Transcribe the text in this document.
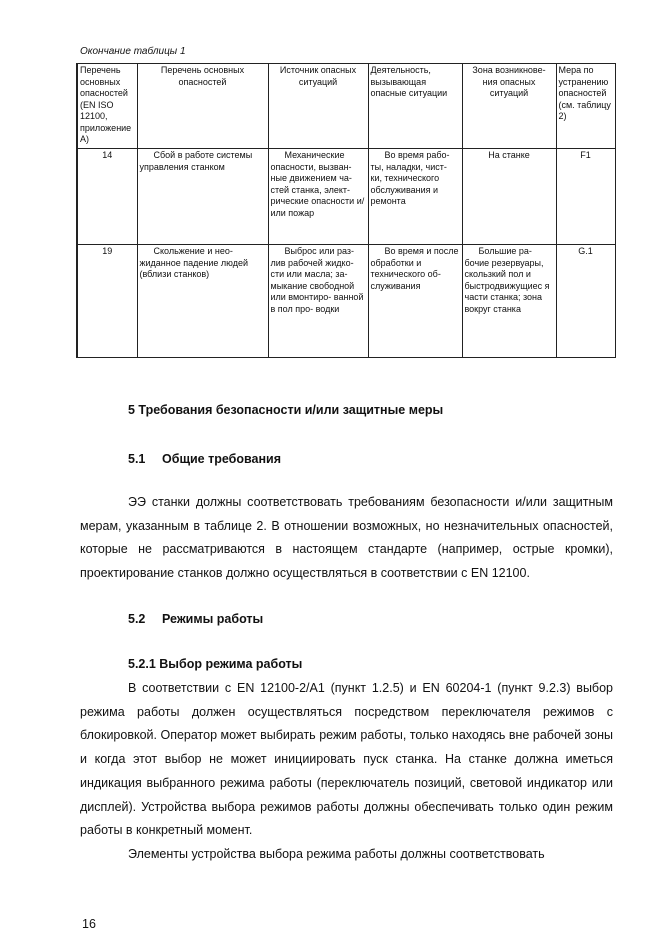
Окончание таблицы 1
Перечень основных опасностей (EN ISO 12100, приложение А)	Перечень основных опасностей	Источник опасных ситуаций	Деятельность, вызывающая опасные ситуации	Зона возникнове- ния опасных ситуаций	Мера по устранению опасностей (см. таблицу 2)
14	Сбой в работе системы управления станком	Механические опасности, вызван- ные движением ча- стей станка, элект- рические опасности и/или пожар	Во время рабо- ты, наладки, чист- ки, технического обслуживания и ремонта	На станке	F1
19	Скольжение и нео- жиданное падение людей (вблизи станков)	Выброс или раз- лив рабочей жидко- сти или масла; за- мыкание свободной или вмонтиро- ванной в пол про- водки	Во время и после обработки и технического об- служивания	Большие ра- бочие резервуары, скользкий пол и быстродвижущиес я части станка; зона вокруг станка	G.1
5 Требования безопасности и/или защитные меры
5.1 Общие требования

ЭЭ станки должны соответствовать требованиям безопасности и/или защитным мерам, указанным в таблице 2. В отношении возможных, но незначительных опасностей, которые не рассматриваются в настоящем стандарте (например, острые кромки), проектирование станков должно осуществляться в соответствии с EN 12100.

5.2 Режимы работы
5.2.1 Выбор режима работы

В соответствии с EN 12100-2/А1 (пункт 1.2.5) и EN 60204-1 (пункт 9.2.3) выбор режима работы должен осуществляться посредством переключателя режимов с блокировкой. Оператор может выбирать режим работы, только находясь вне рабочей зоны и когда этот выбор не может инициировать пуск станка. На станке должна иметься индикация выбранного режима работы (переключатель позиций, световой индикатор или дисплей). Устройства выбора режимов работы должны обеспечивать только один режим работы в конкретный момент.

Элементы устройства выбора режима работы должны соответствовать

16
